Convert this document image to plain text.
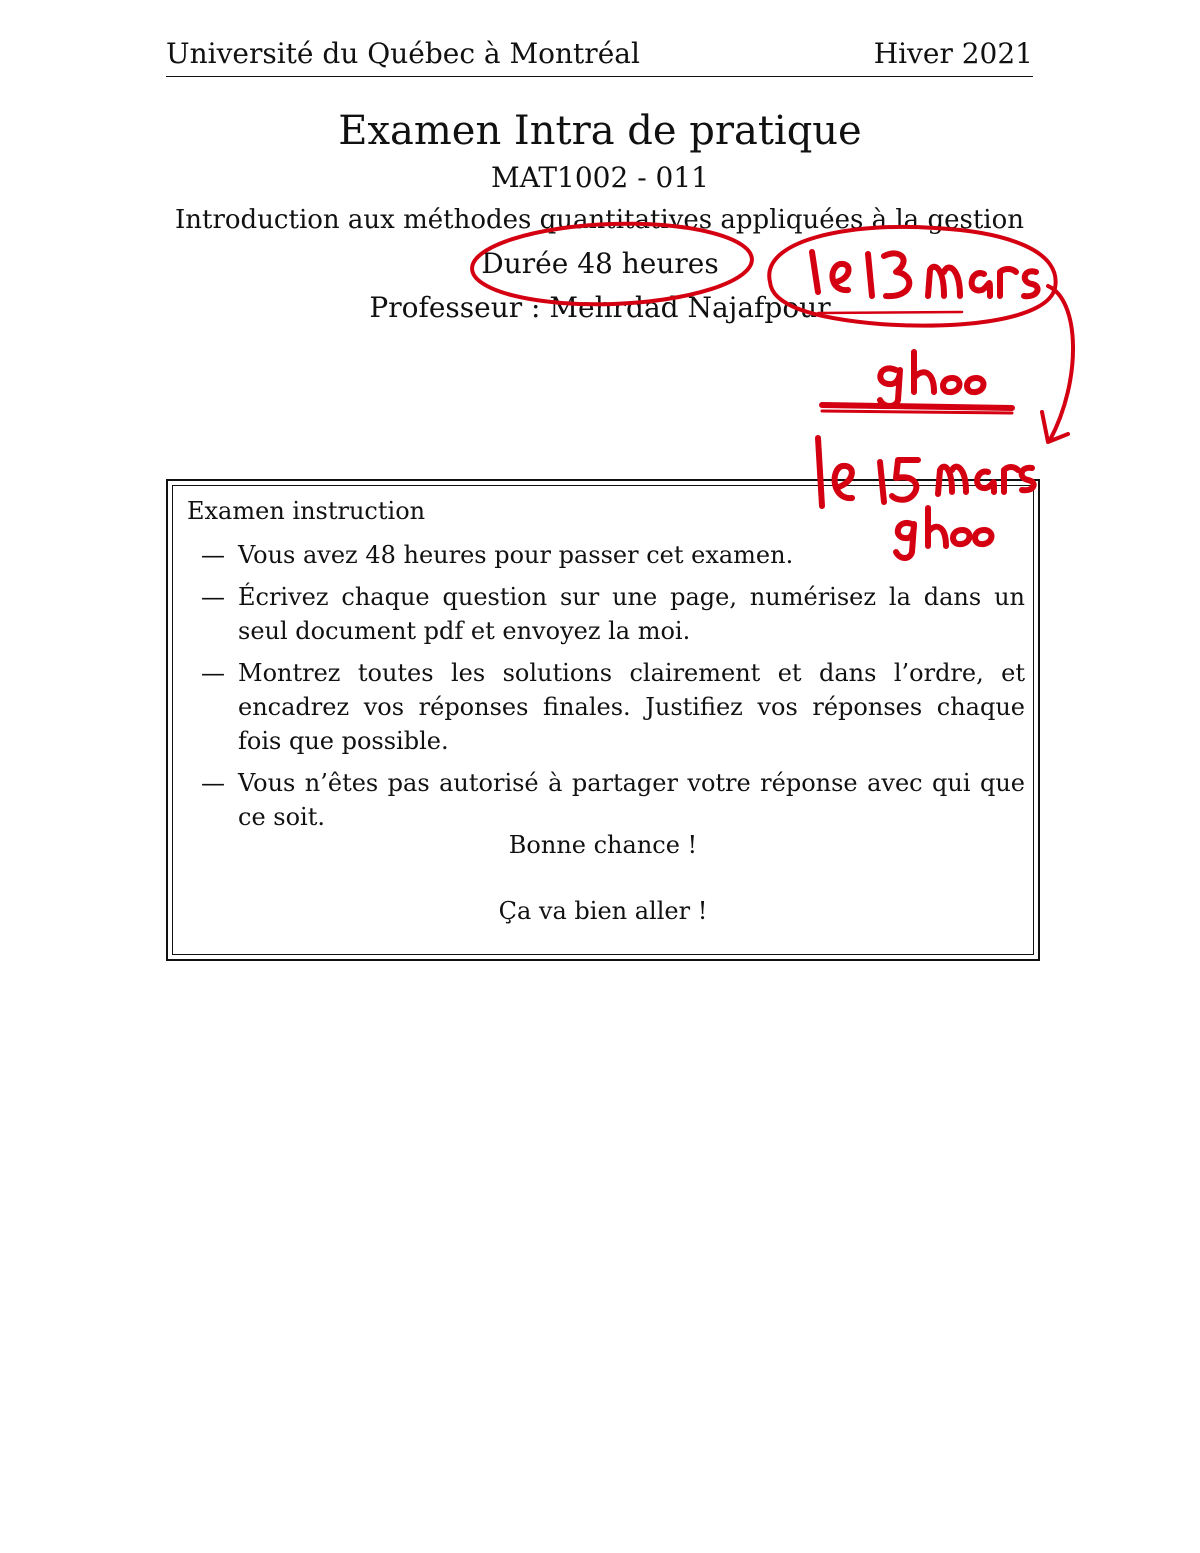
Université du Québec à Montréal	Hiver 2021
Examen Intra de pratique
MAT1002 - 011
Introduction aux méthodes quantitatives appliquées à la gestion
Durée 48 heures
Professeur : Mehrdad Najafpour
Examen instruction
— Vous avez 48 heures pour passer cet examen.
— Écrivez chaque question sur une page, numérisez la dans un seul document pdf et envoyez la moi.
— Montrez toutes les solutions clairement et dans l’ordre, et encadrez vos réponses finales. Justifiez vos réponses chaque fois que possible.
— Vous n’êtes pas autorisé à partager votre réponse avec qui que ce soit.
Bonne chance !
Ça va bien aller !
